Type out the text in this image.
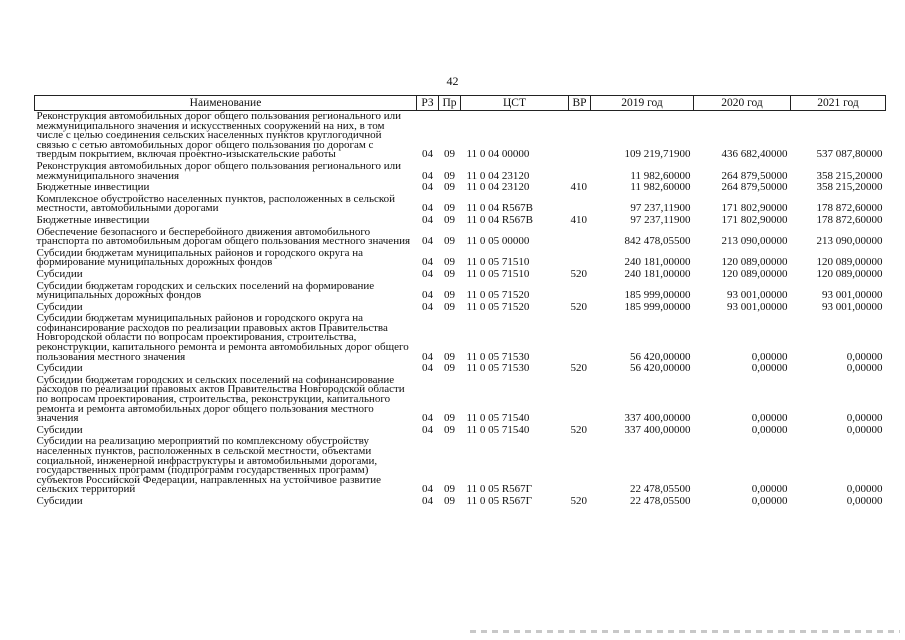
42
Наименование	РЗ	Пр	ЦСТ	ВР	2019 год	2020 год	2021 год
Реконструкция автомобильных дорог общего пользования регионального или межмуниципального значения и искусственных сооружений на них, в том числе с целью соединения сельских населенных пунктов круглогодичной связью с сетью автомобильных дорог общего пользования по дорогам с твердым покрытием, включая проектно-изыскательские работы	04	09	11 0 04 00000		109 219,71900	436 682,40000	537 087,80000
Реконструкция автомобильных дорог общего пользования регионального или межмуниципального значения	04	09	11 0 04 23120		11 982,60000	264 879,50000	358 215,20000
Бюджетные инвестиции	04	09	11 0 04 23120	410	11 982,60000	264 879,50000	358 215,20000
Комплексное обустройство населенных пунктов, расположенных в сельской местности, автомобильными дорогами	04	09	11 0 04 R567B		97 237,11900	171 802,90000	178 872,60000
Бюджетные инвестиции	04	09	11 0 04 R567B	410	97 237,11900	171 802,90000	178 872,60000
Обеспечение безопасного и бесперебойного движения автомобильного транспорта по автомобильным дорогам общего пользования местного значения	04	09	11 0 05 00000		842 478,05500	213 090,00000	213 090,00000
Субсидии бюджетам муниципальных районов и городского округа на формирование муниципальных дорожных фондов	04	09	11 0 05 71510		240 181,00000	120 089,00000	120 089,00000
Субсидии	04	09	11 0 05 71510	520	240 181,00000	120 089,00000	120 089,00000
Субсидии бюджетам городских и сельских поселений на формирование муниципальных дорожных фондов	04	09	11 0 05 71520		185 999,00000	93 001,00000	93 001,00000
Субсидии	04	09	11 0 05 71520	520	185 999,00000	93 001,00000	93 001,00000
Субсидии бюджетам муниципальных районов и городского округа на софинансирование расходов по реализации правовых актов Правительства Новгородской области по вопросам проектирования, строительства, реконструкции, капитального ремонта и ремонта автомобильных дорог общего пользования местного значения	04	09	11 0 05 71530		56 420,00000	0,00000	0,00000
Субсидии	04	09	11 0 05 71530	520	56 420,00000	0,00000	0,00000
Субсидии бюджетам городских и сельских поселений на софинансирование расходов по реализации правовых актов Правительства Новгородской области по вопросам проектирования, строительства, реконструкции, капитального ремонта и ремонта автомобильных дорог общего пользования местного значения	04	09	11 0 05 71540		337 400,00000	0,00000	0,00000
Субсидии	04	09	11 0 05 71540	520	337 400,00000	0,00000	0,00000
Субсидии на реализацию мероприятий по комплексному обустройству населенных пунктов, расположенных в сельской местности, объектами социальной, инженерной инфраструктуры и автомобильными дорогами, государственных программ (подпрограмм государственных программ) субъектов Российской Федерации, направленных на устойчивое развитие сельских территорий	04	09	11 0 05 R567Г		22 478,05500	0,00000	0,00000
Субсидии	04	09	11 0 05 R567Г	520	22 478,05500	0,00000	0,00000
